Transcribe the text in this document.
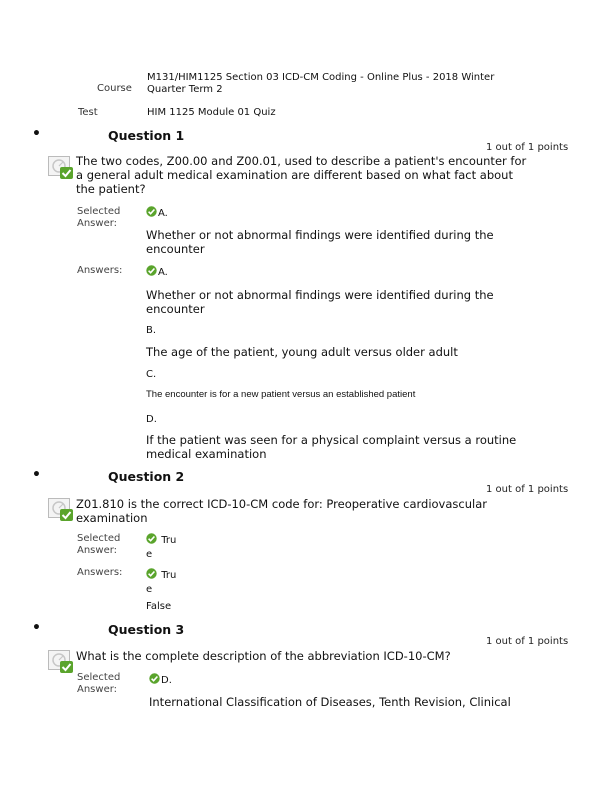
Course
M131/HIM1125 Section 03 ICD-CM Coding - Online Plus - 2018 Winter
Quarter Term 2
Test	HIM 1125 Module 01 Quiz
•	Question 1
1 out of 1 points
The two codes, Z00.00 and Z00.01, used to describe a patient's encounter for
a general adult medical examination are different based on what fact about
the patient?
Selected
Answer:
A.
Whether or not abnormal findings were identified during the
encounter
Answers:	A.
Whether or not abnormal findings were identified during the
encounter
B.
The age of the patient, young adult versus older adult
C.
The encounter is for a new patient versus an established patient
D.
If the patient was seen for a physical complaint versus a routine
medical examination
•	Question 2
1 out of 1 points
Z01.810 is the correct ICD-10-CM code for: Preoperative cardiovascular
examination
Selected
Answer:
Tru
e
Answers:	Tru
e
False
•	Question 3
1 out of 1 points
What is the complete description of the abbreviation ICD-10-CM?
Selected
Answer:
D.
International Classification of Diseases, Tenth Revision, Clinical
